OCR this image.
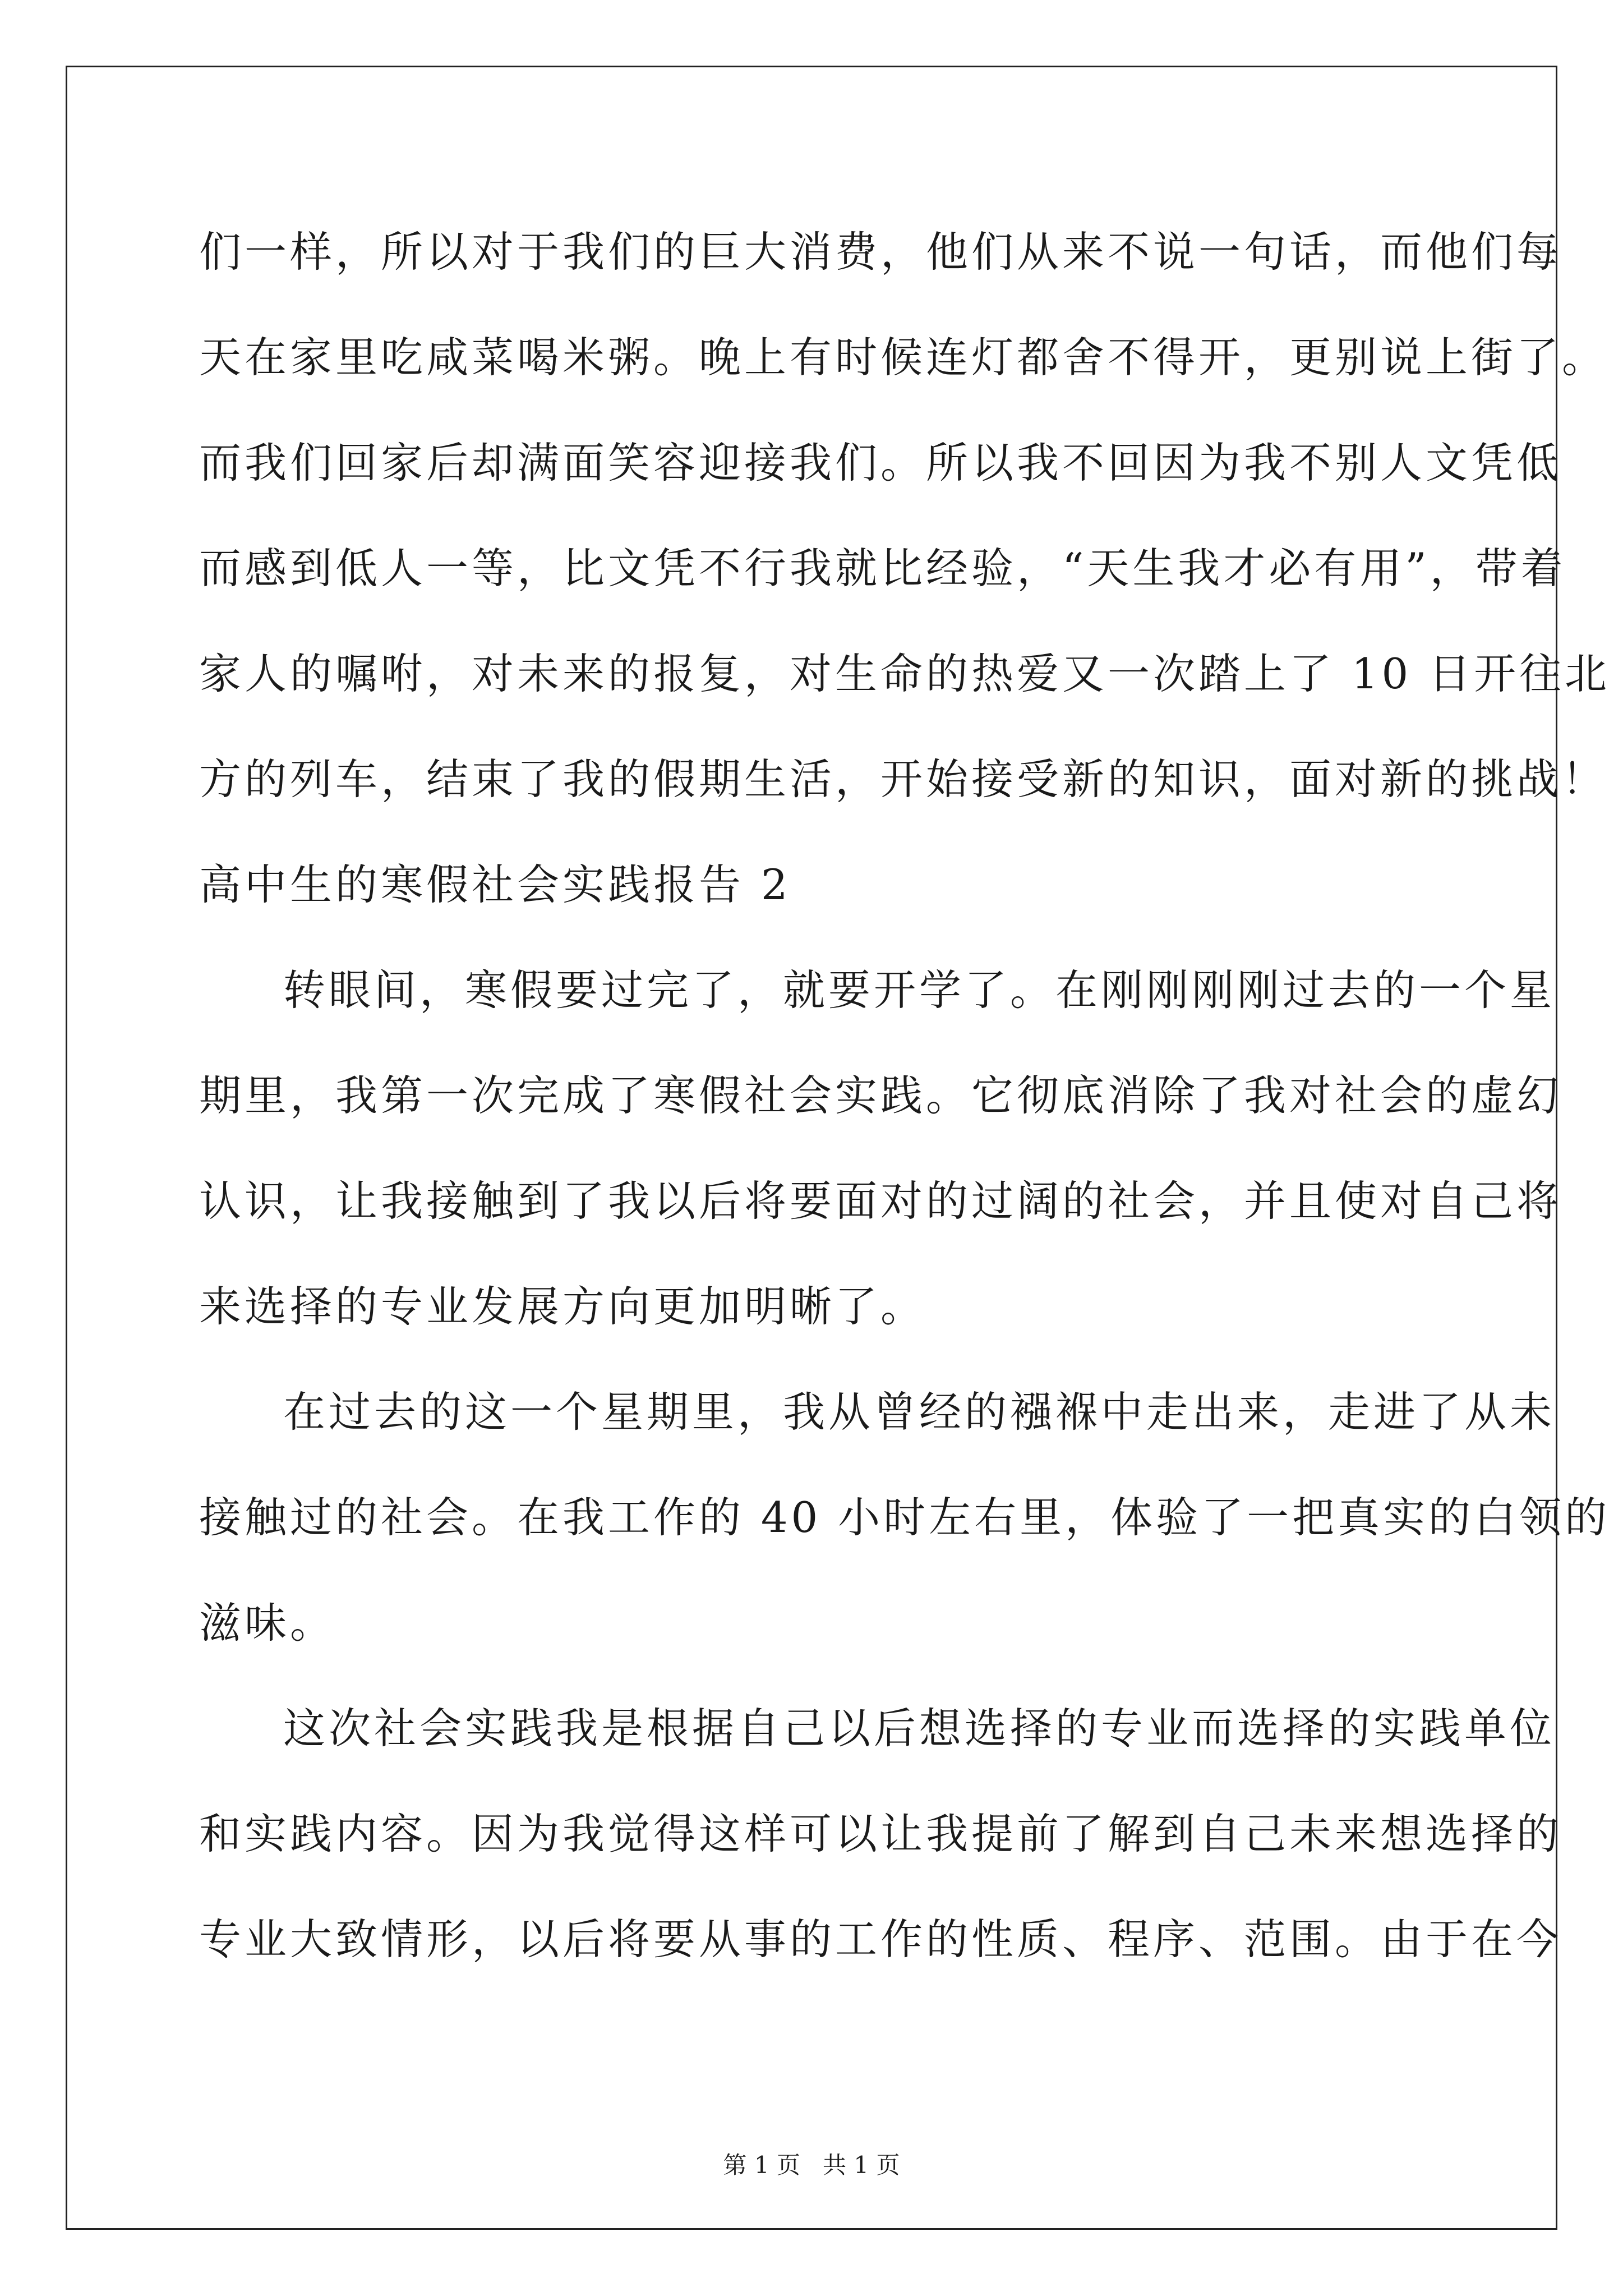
们一样，所以对于我们的巨大消费，他们从来不说一句话，而他们每
天在家里吃咸菜喝米粥。晚上有时候连灯都舍不得开，更别说上街了。
而我们回家后却满面笑容迎接我们。所以我不回因为我不别人文凭低
而感到低人一等，比文凭不行我就比经验，“天生我才必有用”，带着
家人的嘱咐，对未来的报复，对生命的热爱又一次踏上了 10 日开往北
方的列车，结束了我的假期生活，开始接受新的知识，面对新的挑战！
高中生的寒假社会实践报告 2
转眼间，寒假要过完了，就要开学了。在刚刚刚刚过去的一个星
期里，我第一次完成了寒假社会实践。它彻底消除了我对社会的虚幻
认识，让我接触到了我以后将要面对的过阔的社会，并且使对自己将
来选择的专业发展方向更加明晰了。
在过去的这一个星期里，我从曾经的襁褓中走出来，走进了从未
接触过的社会。在我工作的 40 小时左右里，体验了一把真实的白领的
滋味。
这次社会实践我是根据自己以后想选择的专业而选择的实践单位
和实践内容。因为我觉得这样可以让我提前了解到自己未来想选择的
专业大致情形，以后将要从事的工作的性质、程序、范围。由于在今
第 1 页   共 1 页
